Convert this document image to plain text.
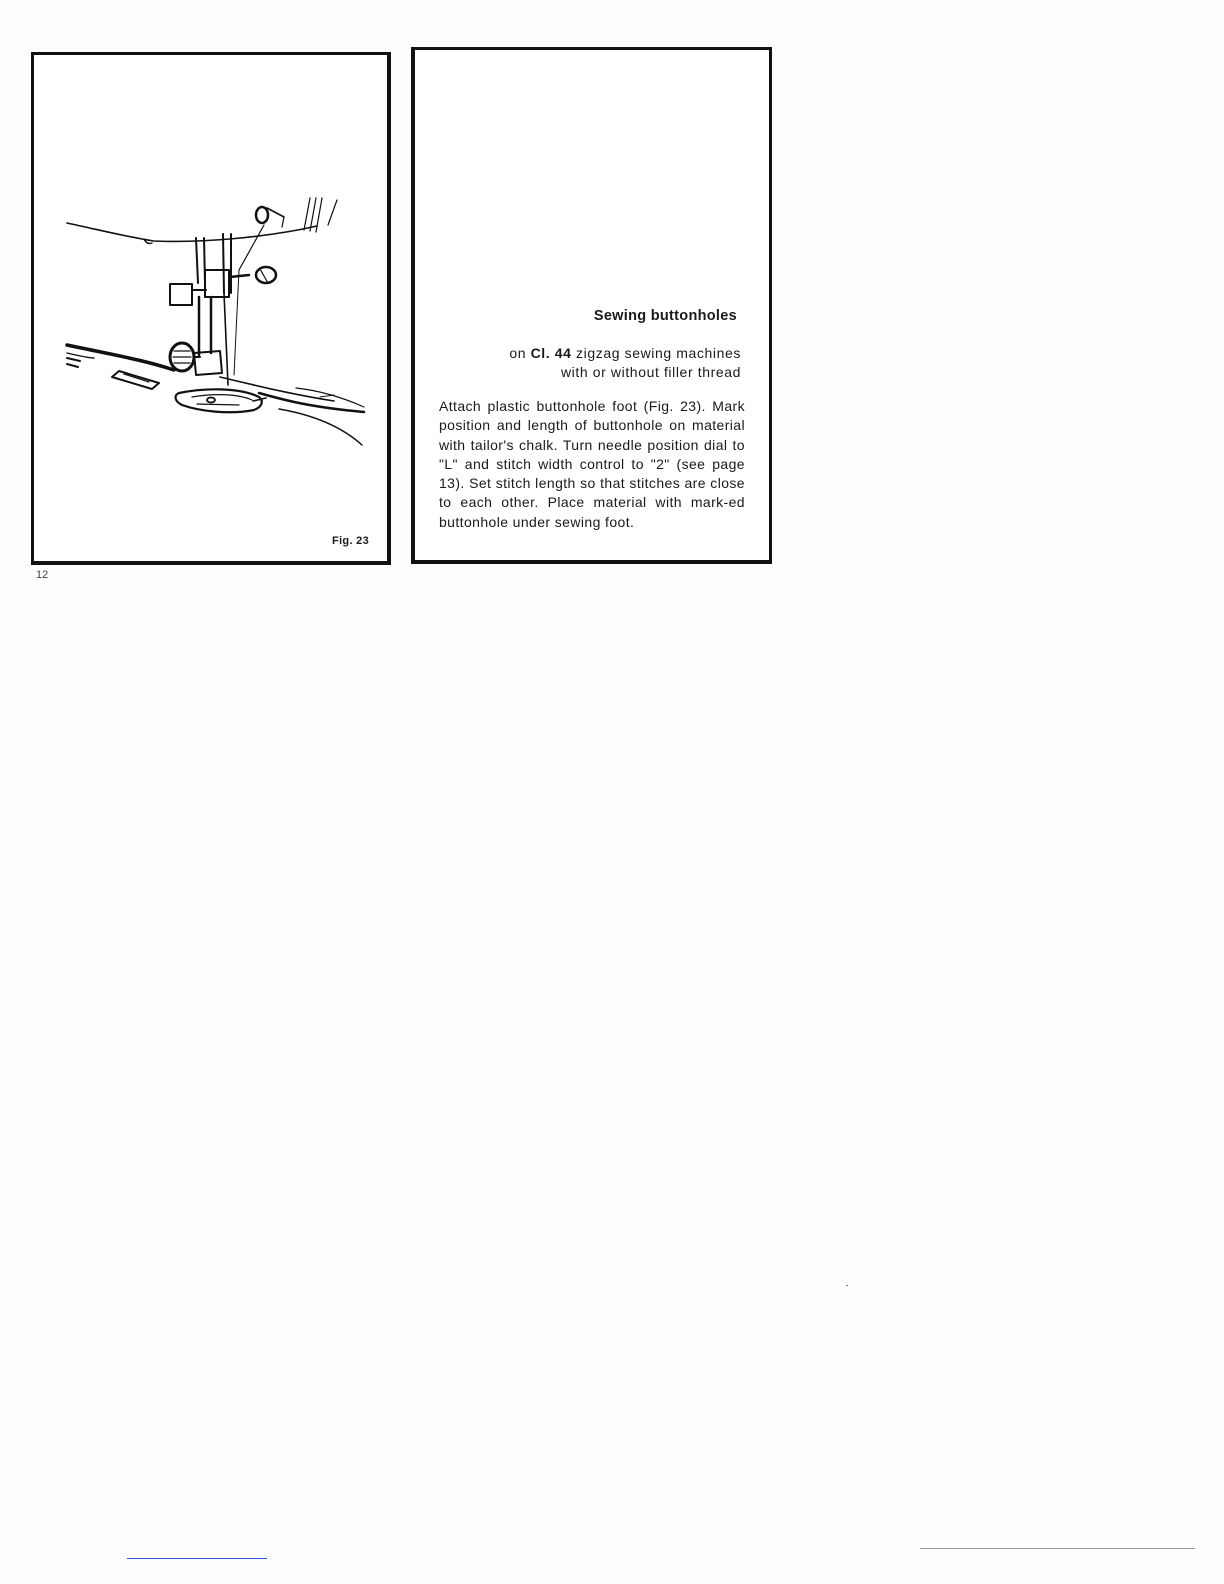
Fig. 23
Sewing buttonholes

on Cl. 44 zigzag sewing machines
with or without filler thread

Attach plastic buttonhole foot (Fig. 23). Mark position and length of buttonhole on material with tailor's chalk. Turn needle position dial to "L" and stitch width control to "2" (see page 13). Set stitch length so that stitches are close to each other. Place material with mark-ed buttonhole under sewing foot.

12
